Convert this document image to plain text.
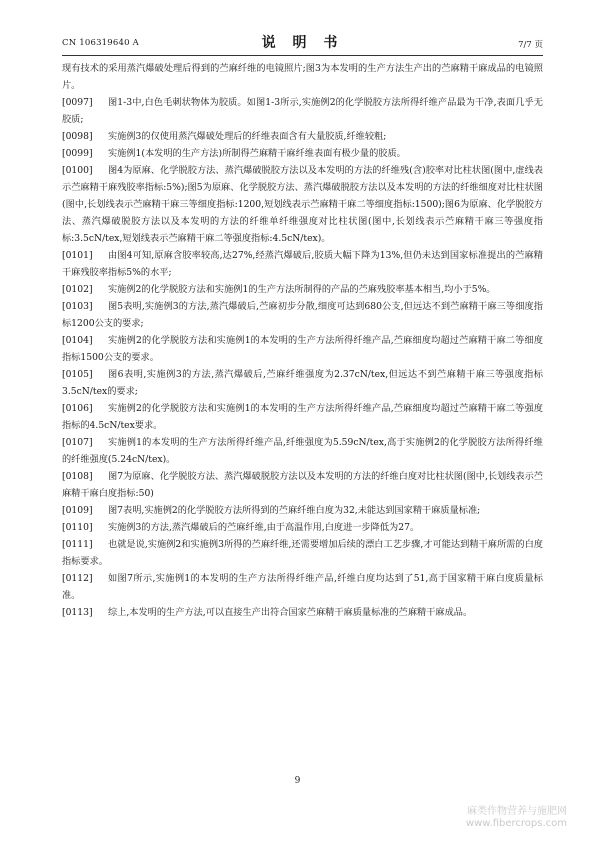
CN 106319640 A	说 明 书	7/7 页
现有技术的采用蒸汽爆破处理后得到的苎麻纤维的电镜照片;图3为本发明的生产方法生产出的苎麻精干麻成品的电镜照片。
[0097]	图1-3中,白色毛刺状物体为胶质。如图1-3所示,实施例2的化学脱胶方法所得纤维产品最为干净,表面几乎无胶质;
[0098]	实施例3的仅使用蒸汽爆破处理后的纤维表面含有大量胶质,纤维较粗;
[0099]	实施例1(本发明的生产方法)所制得苎麻精干麻纤维表面有极少量的胶质。
[0100]	图4为原麻、化学脱胶方法、蒸汽爆破脱胶方法以及本发明的方法的纤维残(含)胶率对比柱状图(图中,虚线表示苎麻精干麻残胶率指标:5%);图5为原麻、化学脱胶方法、蒸汽爆破脱胶方法以及本发明的方法的纤维细度对比柱状图(图中,长划线表示苎麻精干麻三等细度指标:1200,短划线表示苎麻精干麻二等细度指标:1500);图6为原麻、化学脱胶方法、蒸汽爆破脱胶方法以及本发明的方法的纤维单纤维强度对比柱状图(图中,长划线表示苎麻精干麻三等强度指标:3.5cN/tex,短划线表示苎麻精干麻二等强度指标:4.5cN/tex)。
[0101]	由图4可知,原麻含胶率较高,达27%,经蒸汽爆破后,胶质大幅下降为13%,但仍未达到国家标准提出的苎麻精干麻残胶率指标5%的水平;
[0102]	实施例2的化学脱胶方法和实施例1的生产方法所制得的产品的苎麻残胶率基本相当,均小于5%。
[0103]	图5表明,实施例3的方法,蒸汽爆破后,苎麻初步分散,细度可达到680公支,但远达不到苎麻精干麻三等细度指标1200公支的要求;
[0104]	实施例2的化学脱胶方法和实施例1的本发明的生产方法所得纤维产品,苎麻细度均超过苎麻精干麻二等细度指标1500公支的要求。
[0105]	图6表明,实施例3的方法,蒸汽爆破后,苎麻纤维强度为2.37cN/tex,但远达不到苎麻精干麻三等强度指标3.5cN/tex的要求;
[0106]	实施例2的化学脱胶方法和实施例1的本发明的生产方法所得纤维产品,苎麻细度均超过苎麻精干麻二等强度指标的4.5cN/tex要求。
[0107]	实施例1的本发明的生产方法所得纤维产品,纤维强度为5.59cN/tex,高于实施例2的化学脱胶方法所得纤维的纤维强度(5.24cN/tex)。
[0108]	图7为原麻、化学脱胶方法、蒸汽爆破脱胶方法以及本发明的方法的纤维白度对比柱状图(图中,长划线表示苎麻精干麻白度指标:50)
[0109]	图7表明,实施例2的化学脱胶方法所得到的苎麻纤维白度为32,未能达到国家精干麻质量标准;
[0110]	实施例3的方法,蒸汽爆破后的苎麻纤维,由于高温作用,白度进一步降低为27。
[0111]	也就是说,实施例2和实施例3所得的苎麻纤维,还需要增加后续的漂白工艺步骤,才可能达到精干麻所需的白度指标要求。
[0112]	如图7所示,实施例1的本发明的生产方法所得纤维产品,纤维白度均达到了51,高于国家精干麻白度质量标准。
[0113]	综上,本发明的生产方法,可以直接生产出符合国家苎麻精干麻质量标准的苎麻精干麻成品。
9
麻类作物营养与施肥网
www.fibercrops.com
